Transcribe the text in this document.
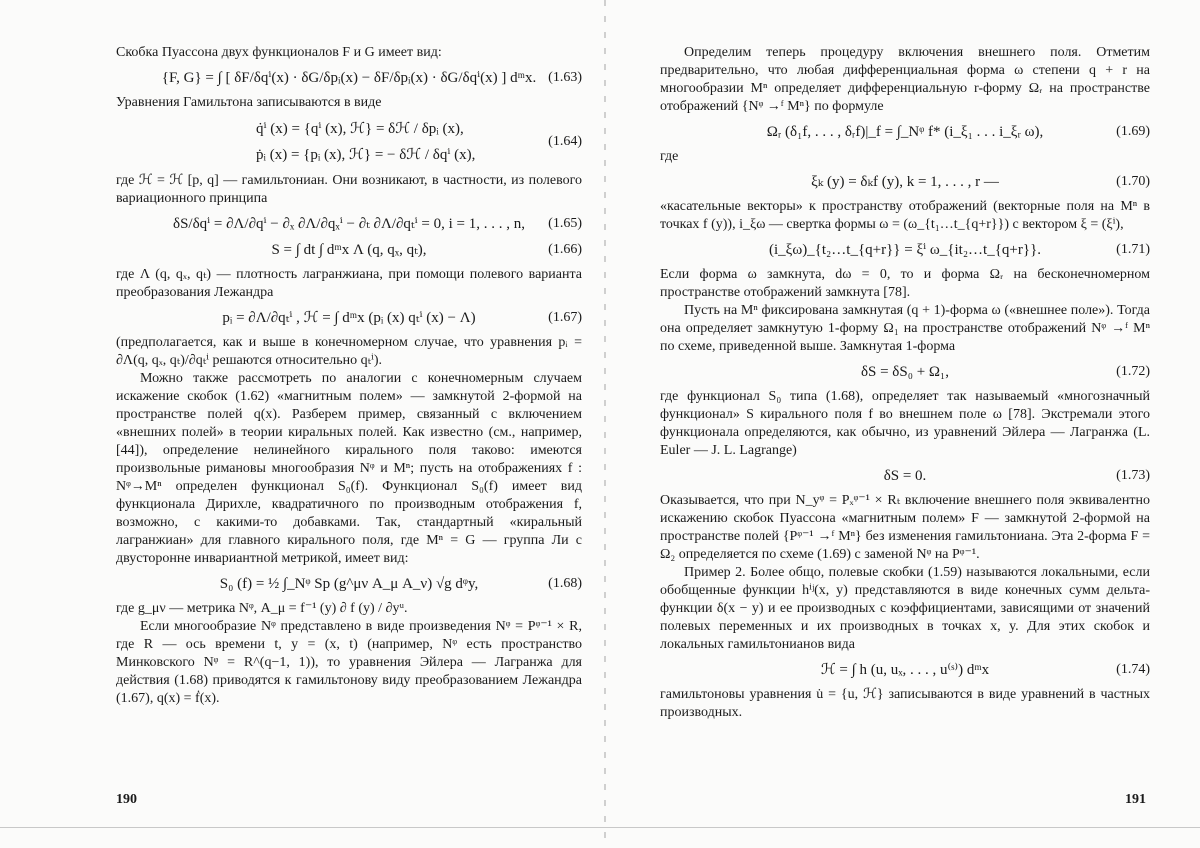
Скобка Пуассона двух функционалов F и G имеет вид:

{F, G} = ∫ [ δF/δqⁱ(x) · δG/δpᵢ(x) − δF/δpᵢ(x) · δG/δqⁱ(x) ] dᵐx. (1.63)

Уравнения Гамильтона записываются в виде

q̇ⁱ (x) = {qⁱ (x), ℋ} = δℋ / δpᵢ (x),
ṗᵢ (x) = {pᵢ (x), ℋ} = − δℋ / δqⁱ (x),
(1.64)

где ℋ = ℋ [p, q] — гамильтониан. Они возникают, в частности, из полевого вариационного принципа

δS/δqⁱ = ∂Λ/∂qⁱ − ∂ₓ ∂Λ/∂qₓⁱ − ∂ₜ ∂Λ/∂qₜⁱ = 0, i = 1, . . . , n, (1.65)
S = ∫ dt ∫ dᵐx Λ (q, qₓ, qₜ),	(1.66)

где Λ (q, qₓ, qₜ) — плотность лагранжиана, при помощи полевого варианта преобразования Лежандра

pᵢ = ∂Λ/∂qₜⁱ , ℋ = ∫ dᵐx (pᵢ (x) qₜⁱ (x) − Λ)	(1.67)

(предполагается, как и выше в конечномерном случае, что уравнения pᵢ = ∂Λ(q, qₓ, qₜ)/∂qₜⁱ решаются относительно qₜⁱ).

Можно также рассмотреть по аналогии с конечномерным случаем искажение скобок (1.62) «магнитным полем» — замкнутой 2-формой на пространстве полей q(x). Разберем пример, связанный с включением «внешних полей» в теории киральных полей. Как известно (см., например, [44]), определение нелинейного кирального поля таково: имеются произвольные римановы многообразия Nᵠ и Mⁿ; пусть на отображениях f : Nᵠ→Mⁿ определен функционал S₀(f). Функционал S₀(f) имеет вид функционала Дирихле, квадратичного по производным отображения f, возможно, с какими-то добавками. Так, стандартный «киральный лагранжиан» для главного кирального поля, где Mⁿ = G — группа Ли с двусторонне инвариантной метрикой, имеет вид:

S₀ (f) = ½ ∫_Nᵠ Sp (g^μν A_μ A_ν) √g dᵠy,	(1.68)

где g_μν — метрика Nᵠ, A_μ = f⁻¹ (y) ∂ f (y) / ∂yᵘ.

Если многообразие Nᵠ представлено в виде произведения Nᵠ = Pᵠ⁻¹ × R, где R — ось времени t, y = (x, t) (например, Nᵠ есть пространство Минковского Nᵠ = R^(q−1, 1)), то уравнения Эйлера — Лагранжа для действия (1.68) приводятся к гамильтонову виду преобразованием Лежандра (1.67), q(x) = ḟ(x).

190

Определим теперь процедуру включения внешнего поля. Отметим предварительно, что любая дифференциальная форма ω степени q + r на многообразии Mⁿ определяет дифференциальную r-форму Ωᵣ на пространстве отображений {Nᵠ →ᶠ Mⁿ} по формуле

Ωᵣ (δ₁f, . . . , δᵣf)|_f = ∫_Nᵠ f* (i_ξ₁ . . . i_ξᵣ ω),	(1.69)

где

ξₖ (y) = δₖf (y), k = 1, . . . , r —	(1.70)

«касательные векторы» к пространству отображений (векторные поля на Mⁿ в точках f (y)), i_ξω — свертка формы ω = (ω_{t₁…t_{q+r}}) с вектором ξ = (ξⁱ),

(i_ξω)_{t₂…t_{q+r}} = ξⁱ ω_{it₂…t_{q+r}}.	(1.71)

Если форма ω замкнута, dω = 0, то и форма Ωᵣ на бесконечномерном пространстве отображений замкнута [78].

Пусть на Mⁿ фиксирована замкнутая (q + 1)-форма ω («внешнее поле»). Тогда она определяет замкнутую 1-форму Ω₁ на пространстве отображений Nᵠ →ᶠ Mⁿ по схеме, приведенной выше. Замкнутая 1-форма

δS = δS₀ + Ω₁,	(1.72)

где функционал S₀ типа (1.68), определяет так называемый «многозначный функционал» S кирального поля f во внешнем поле ω [78]. Экстремали этого функционала определяются, как обычно, из уравнений Эйлера — Лагранжа (L. Euler — J. L. Lagrange)

δS = 0.	(1.73)

Оказывается, что при N_yᵠ = Pₓᵠ⁻¹ × Rₜ включение внешнего поля эквивалентно искажению скобок Пуассона «магнитным полем» F — замкнутой 2-формой на пространстве полей {Pᵠ⁻¹ →ᶠ Mⁿ} без изменения гамильтониана. Эта 2-форма F = Ω₂ определяется по схеме (1.69) с заменой Nᵠ на Pᵠ⁻¹.

Пример 2. Более общо, полевые скобки (1.59) называются локальными, если обобщенные функции hⁱʲ(x, y) представляются в виде конечных сумм дельта-функции δ(x − y) и ее производных с коэффициентами, зависящими от значений полевых переменных и их производных в точках x, y. Для этих скобок и локальных гамильтонианов вида

ℋ = ∫ h (u, uₓ, . . . , u⁽ˢ⁾) dᵐx	(1.74)

гамильтоновы уравнения u̇ = {u, ℋ} записываются в виде уравнений в частных производных.

191
